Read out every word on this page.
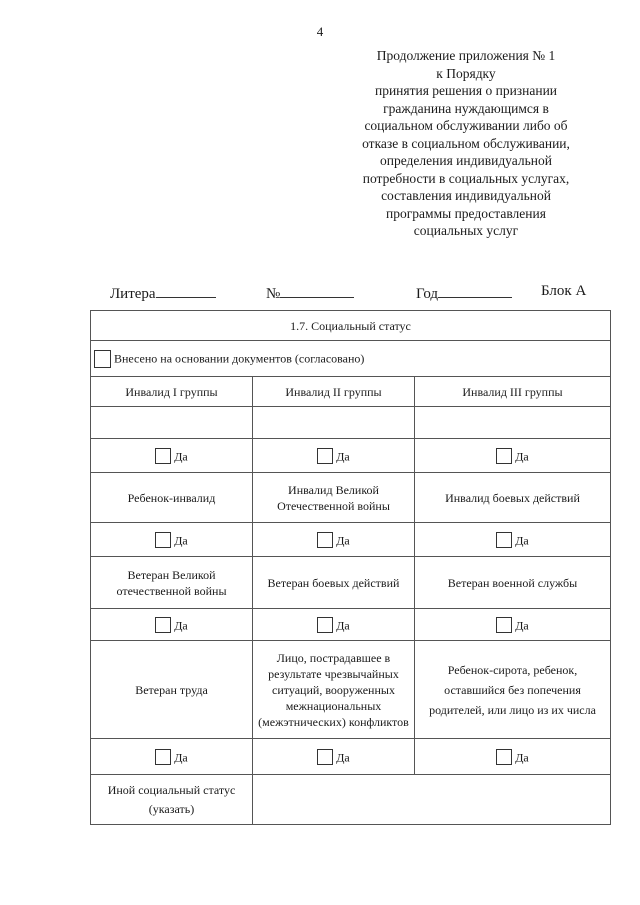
4
Продолжение приложения № 1
к Порядку
принятия решения о признании
гражданина нуждающимся в
социальном обслуживании либо об
отказе в социальном обслуживании,
определения индивидуальной
потребности в социальных услугах,
составления индивидуальной
программы предоставления
социальных услуг
Литера	№	Год	Блок А
1.7. Социальный статус		
Внесено на основании документов (согласовано)		
Инвалид I группы	Инвалид II группы	Инвалид III группы

Да	Да	Да
Ребенок-инвалид	Инвалид Великой Отечественной войны	Инвалид боевых действий
Да	Да	Да
Ветеран Великой отечественной войны	Ветеран боевых действий	Ветеран военной службы
Да	Да	Да
Ветеран труда	Лицо, пострадавшее в результате чрезвычайных ситуаций, вооруженных межнациональных (межэтнических) конфликтов	Ребенок-сирота, ребенок, оставшийся без попечения родителей, или лицо из их числа
Да	Да	Да
Иной социальный статус (указать)		
